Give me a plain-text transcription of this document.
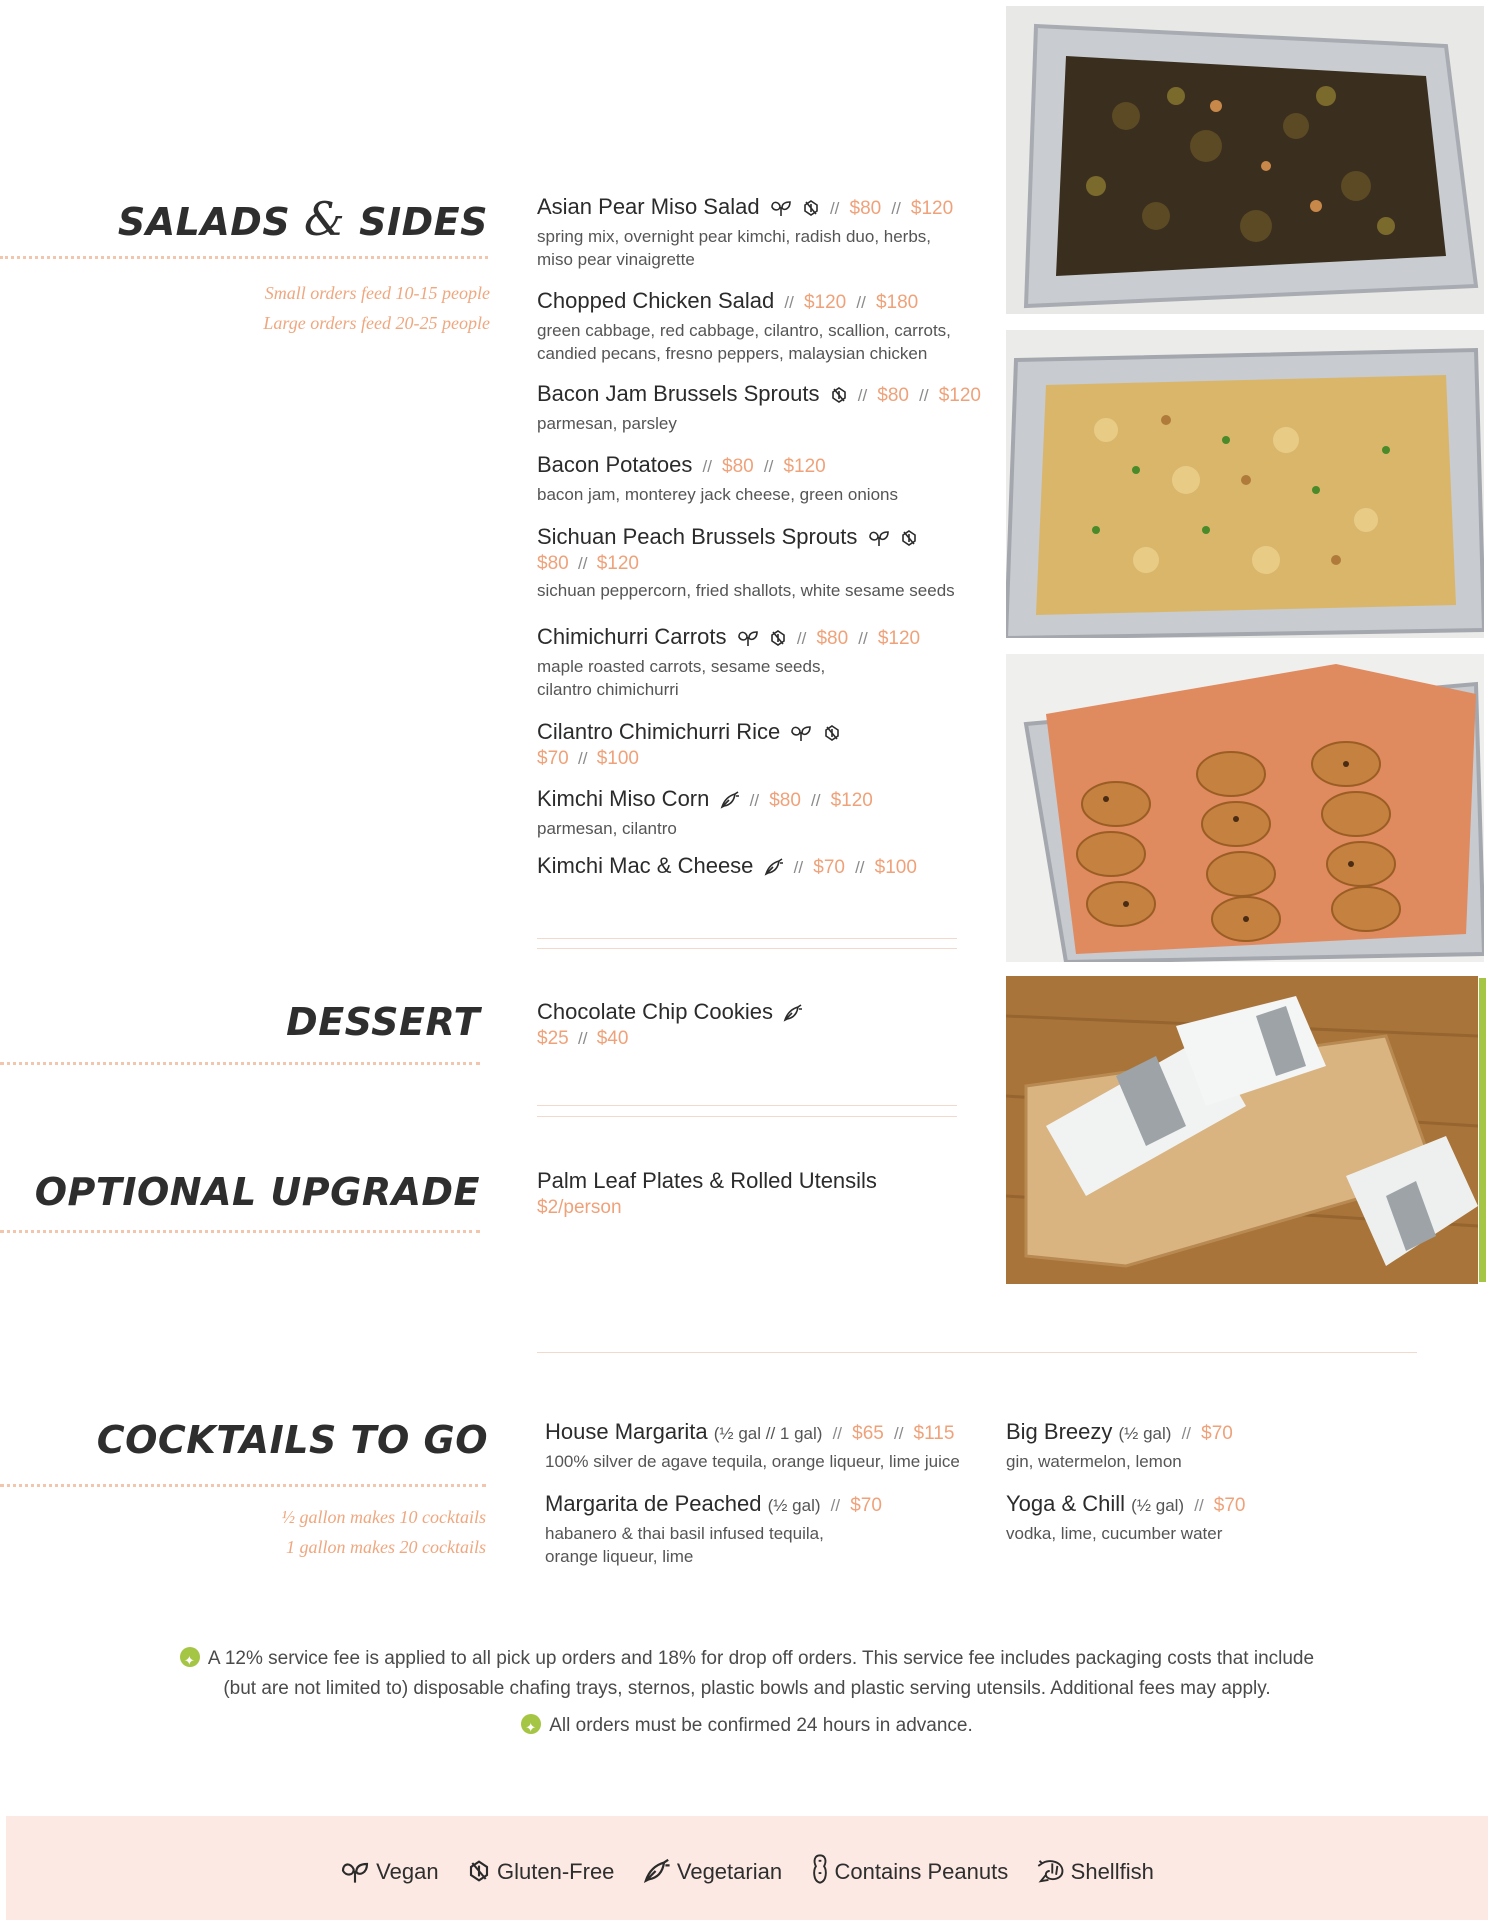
SALADS & SIDES
Small orders feed 10-15 people
Large orders feed 20-25 people
Asian Pear Miso Salad	// $80 // $120
spring mix, overnight pear kimchi, radish duo, herbs,
miso pear vinaigrette
Chopped Chicken Salad // $120 // $180
green cabbage, red cabbage, cilantro, scallion, carrots,
candied pecans, fresno peppers, malaysian chicken
Bacon Jam Brussels Sprouts // $80 // $120
parmesan, parsley
Bacon Potatoes // $80 // $120
bacon jam, monterey jack cheese, green onions
Sichuan Peach Brussels Sprouts
$80 // $120
sichuan peppercorn, fried shallots, white sesame seeds
Chimichurri Carrots	// $80 // $120
maple roasted carrots, sesame seeds,
cilantro chimichurri
Cilantro Chimichurri Rice
$70 // $100
Kimchi Miso Corn // $80 // $120
parmesan, cilantro
Kimchi Mac & Cheese // $70 // $100
DESSERT	Chocolate Chip Cookies
$25 // $40
OPTIONAL UPGRADE	Palm Leaf Plates & Rolled Utensils
$2/person
COCKTAILS TO GO
½ gallon makes 10 cocktails
1 gallon makes 20 cocktails
House Margarita (½ gal // 1 gal) // $65 // $115
100% silver de agave tequila, orange liqueur, lime juice
Margarita de Peached (½ gal) // $70
habanero & thai basil infused tequila,
orange liqueur, lime
Big Breezy (½ gal) // $70
gin, watermelon, lemon
Yoga & Chill (½ gal) // $70
vodka, lime, cucumber water
✦A 12% service fee is applied to all pick up orders and 18% for drop off orders. This service fee includes packaging costs that include
(but are not limited to) disposable chafing trays, sternos, plastic bowls and plastic serving utensils. Additional fees may apply.
✦All orders must be confirmed 24 hours in advance.
Vegan	Gluten-Free	Vegetarian Contains Peanuts	Shellfish
